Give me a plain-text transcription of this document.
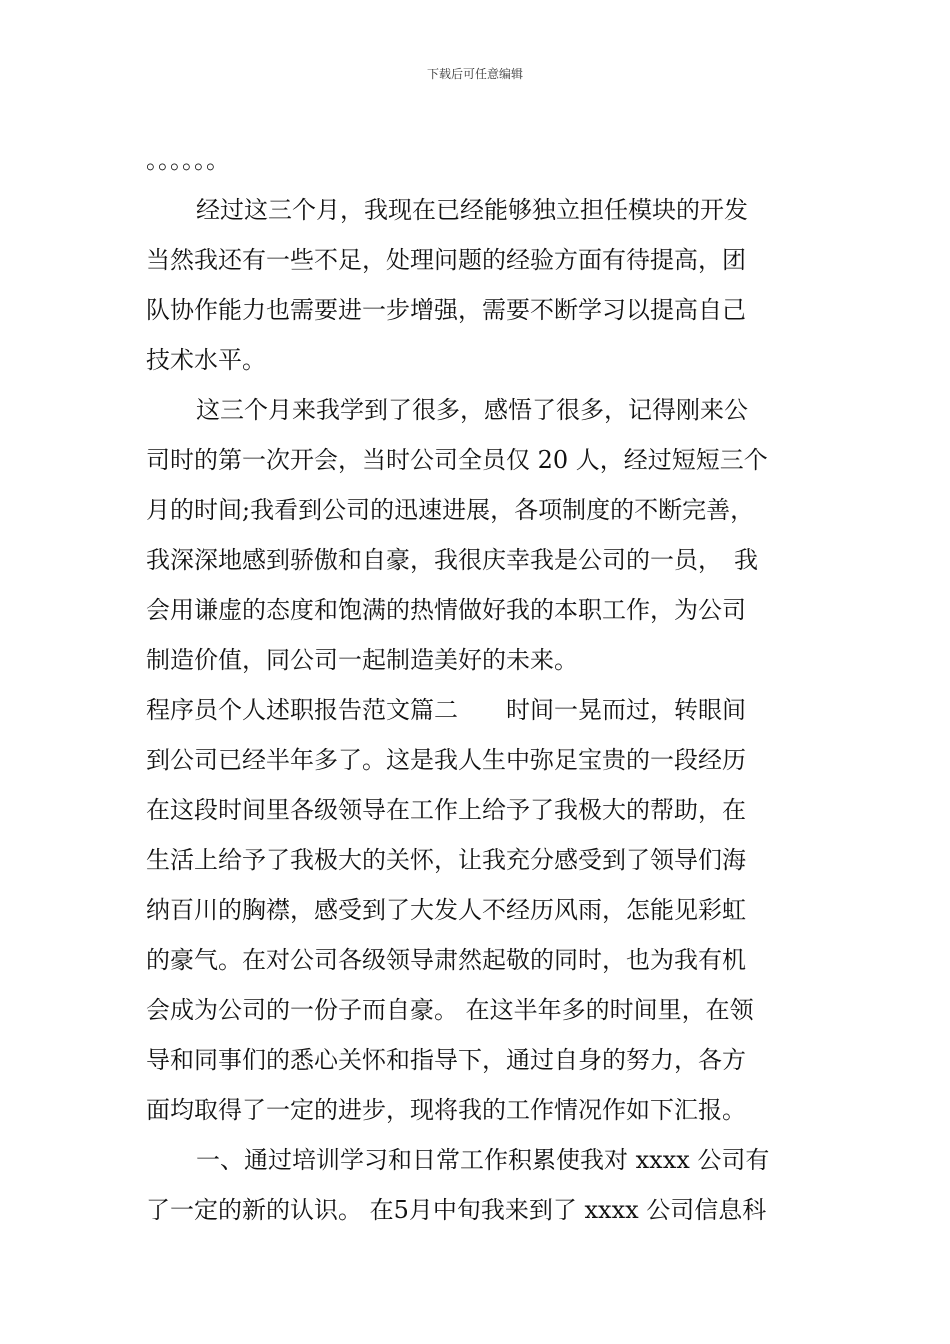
下载后可任意编辑
。。。。。。
经过这三个月，我现在已经能够独立担任模块的开发
当然我还有一些不足，处理问题的经验方面有待提高，团
队协作能力也需要进一步增强，需要不断学习以提高自己
技术水平。
这三个月来我学到了很多，感悟了很多，记得刚来公
司时的第一次开会，当时公司全员仅 20 人，经过短短三个
月的时间;我看到公司的迅速进展，各项制度的不断完善，
我深深地感到骄傲和自豪，我很庆幸我是公司的一员，　我
会用谦虚的态度和饱满的热情做好我的本职工作，为公司
制造价值，同公司一起制造美好的未来。
程序员个人述职报告范文篇二　　时间一晃而过，转眼间
到公司已经半年多了。这是我人生中弥足宝贵的一段经历
在这段时间里各级领导在工作上给予了我极大的帮助，在
生活上给予了我极大的关怀，让我充分感受到了领导们海
纳百川的胸襟，感受到了大发人不经历风雨，怎能见彩虹
的豪气。在对公司各级领导肃然起敬的同时，也为我有机
会成为公司的一份子而自豪。 在这半年多的时间里，在领
导和同事们的悉心关怀和指导下，通过自身的努力，各方
面均取得了一定的进步，现将我的工作情况作如下汇报。
一、通过培训学习和日常工作积累使我对 xxxx 公司有
了一定的新的认识。 在5月中旬我来到了 xxxx 公司信息科
